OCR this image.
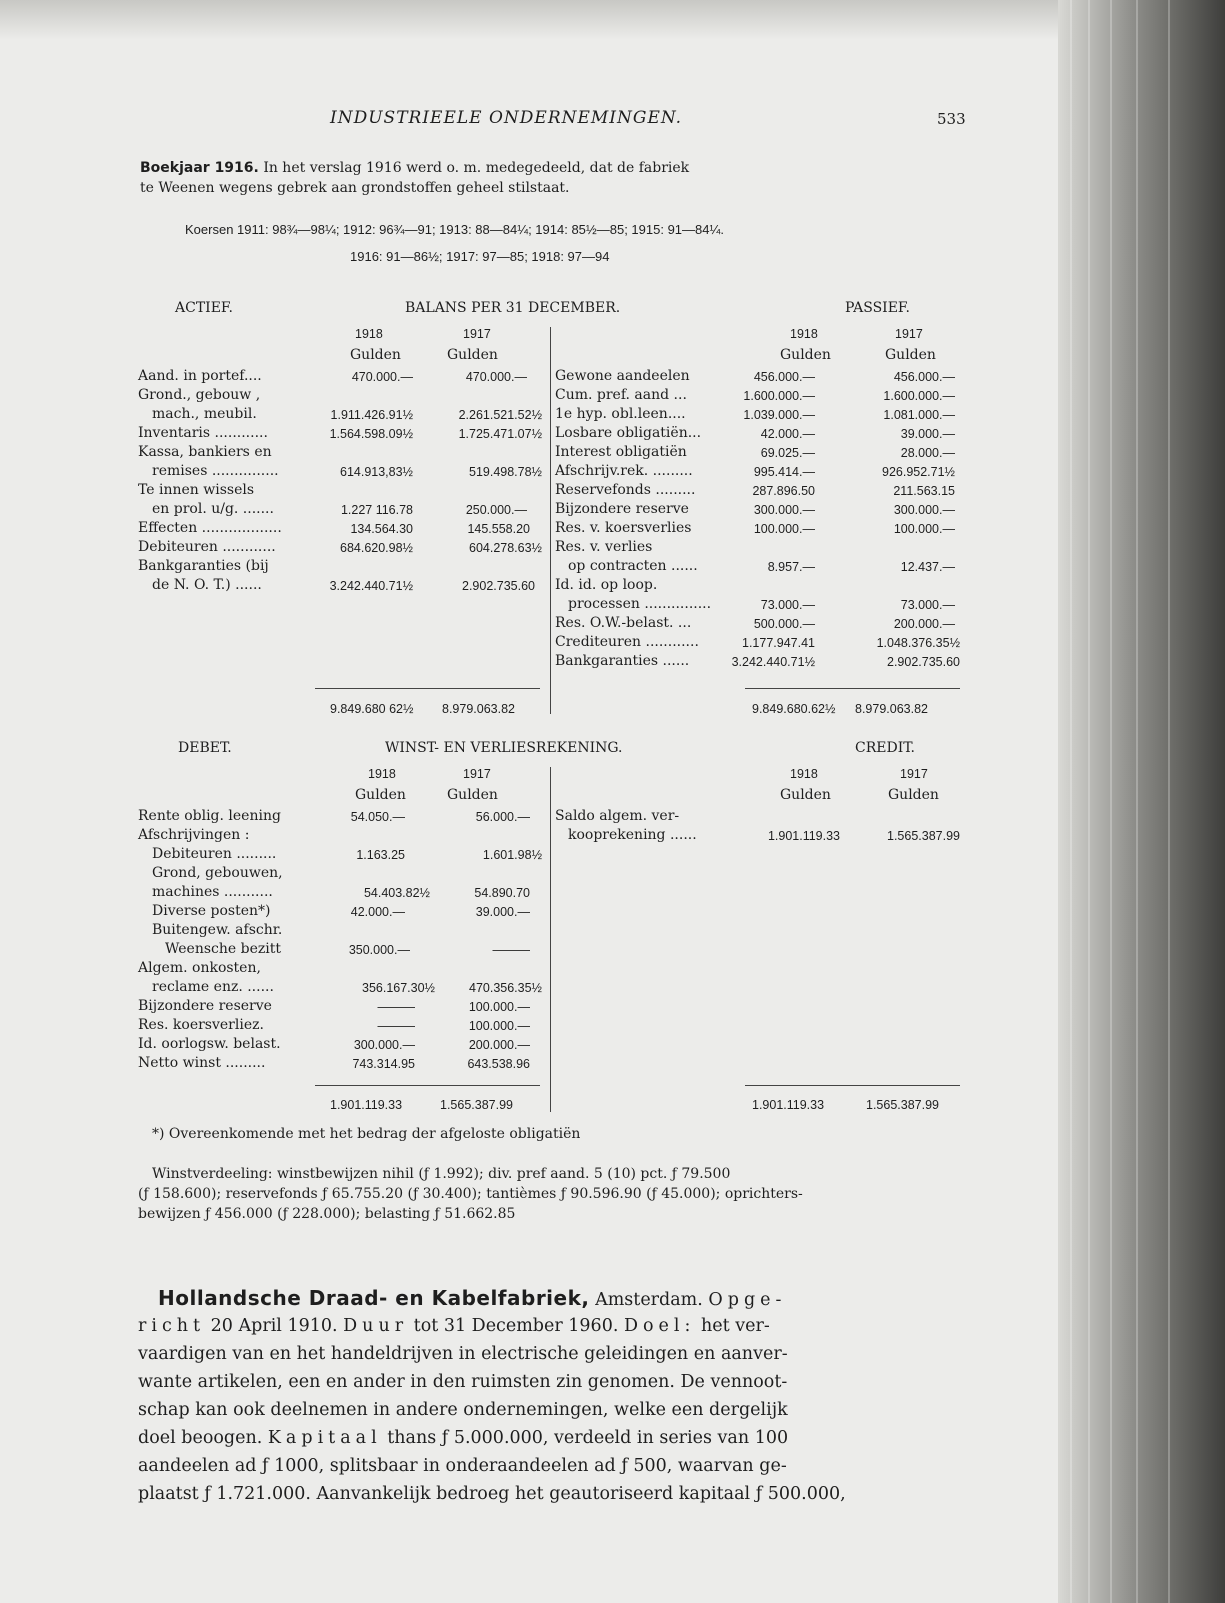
INDUSTRIEELE ONDERNEMINGEN.	533
Boekjaar 1916. In het verslag 1916 werd o. m. medegedeeld, dat de fabriek
te Weenen wegens gebrek aan grondstoffen geheel stilstaat.
Koersen 1911: 98¾—98¼; 1912: 96¾—91; 1913: 88—84¼; 1914: 85½—85; 1915: 91—84¼.
1916: 91—86½; 1917: 97—85; 1918: 97—94
ACTIEF.	BALANS PER 31 DECEMBER.	PASSIEF.
1918	1917
Gulden	Gulden
1918	1917
Gulden	Gulden
Aand. in portef....	470.000.—	470.000.—
Grond., gebouw ,
mach., meubil.	1.911.426.91½	2.261.521.52½
Inventaris ............	1.564.598.09½	1.725.471.07½
Kassa, bankiers en
remises ...............	614.913,83½	519.498.78½
Te innen wissels
en prol. u/g. .......	1.227 116.78	250.000.—
Effecten ..................	134.564.30	145.558.20
Debiteuren ............	684.620.98½	604.278.63½
Bankgaranties (bij
de N. O. T.) ......	3.242.440.71½	2.902.735.60
Gewone aandeelen	456.000.—	456.000.—
Cum. pref. aand ...	1.600.000.—	1.600.000.—
1e hyp. obl.leen....	1.039.000.—	1.081.000.—
Losbare obligatiën...	42.000.—	39.000.—
Interest obligatiën	69.025.—	28.000.—
Afschrijv.rek. .........	995.414.—	926.952.71½
Reservefonds .........	287.896.50	211.563.15
Bijzondere reserve	300.000.—	300.000.—
Res. v. koersverlies	100.000.—	100.000.—
Res. v. verlies
op contracten ......	8.957.—	12.437.—
Id. id. op loop.
processen ...............	73.000.—	73.000.—
Res. O.W.-belast. ...	500.000.—	200.000.—
Crediteuren ............	1.177.947.41	1.048.376.35½
Bankgaranties ......	3.242.440.71½	2.902.735.60
9.849.680 62½ 8.979.063.82	9.849.680.62½ 8.979.063.82
DEBET.	WINST- EN VERLIESREKENING.	CREDIT.
1918	1917
Gulden	Gulden
1918	1917
Gulden	Gulden
Rente oblig. leening	54.050.—	56.000.—
Afschrijvingen :
Debiteuren .........	1.163.25	1.601.98½
Grond, gebouwen,
machines ...........	54.403.82½	54.890.70
Diverse posten*)	42.000.—	39.000.—
Buitengew. afschr.
Weensche bezitt	350.000.—	———
Algem. onkosten,
reclame enz. ......	356.167.30½	470.356.35½
Bijzondere reserve	———	100.000.—
Res. koersverliez.	———	100.000.—
Id. oorlogsw. belast.	300.000.—	200.000.—
Netto winst .........	743.314.95	643.538.96
Saldo algem. ver-
kooprekening ......	1.901.119.33	1.565.387.99
1.901.119.33	1.565.387.99	1.901.119.33	1.565.387.99
*) Overeenkomende met het bedrag der afgeloste obligatiën
Winstverdeeling: winstbewijzen nihil (ƒ 1.992); div. pref aand. 5 (10) pct. ƒ 79.500
(ƒ 158.600); reservefonds ƒ 65.755.20 (ƒ 30.400); tantièmes ƒ 90.596.90 (ƒ 45.000); oprichters-
bewijzen ƒ 456.000 (ƒ 228.000); belasting ƒ 51.662.85
Hollandsche Draad- en Kabelfabriek, Amsterdam. Opge-
richt 20 April 1910. Duur tot 31 December 1960. Doel: het ver-
vaardigen van en het handeldrijven in electrische geleidingen en aanver-
wante artikelen, een en ander in den ruimsten zin genomen. De vennoot-
schap kan ook deelnemen in andere ondernemingen, welke een dergelijk
doel beoogen. Kapitaal thans ƒ 5.000.000, verdeeld in series van 100
aandeelen ad ƒ 1000, splitsbaar in onderaandeelen ad ƒ 500, waarvan ge-
plaatst ƒ 1.721.000. Aanvankelijk bedroeg het geautoriseerd kapitaal ƒ 500.000,
